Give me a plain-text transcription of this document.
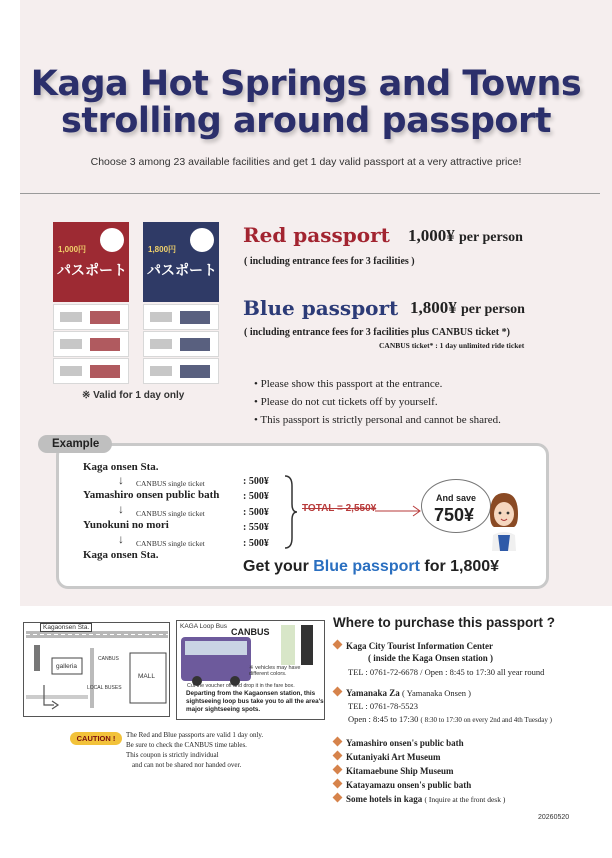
Kaga Hot Springs and Towns
strolling around passport
Choose 3 among 23 available facilities and get 1 day valid passport at a very attractive price!
1,000円
パスポート
1,800円
パスポート
※ Valid for 1 day only
Red passport 1,000¥ per person
( including entrance fees for 3 facilities )
Blue passport 1,800¥ per person
( including entrance fees for 3 facilities plus CANBUS ticket *)
CANBUS ticket* : 1 day unlimited ride ticket
• Please show this passport at the entrance.
• Please do not cut tickets off by yourself.
• This passport is strictly personal and cannot be shared.
Example
Kaga onsen Sta.
↓ CANBUS single ticket
Yamashiro onsen public bath
↓ CANBUS single ticket
Yunokuni no mori
↓ CANBUS single ticket
Kaga onsen Sta.
: 500¥
: 500¥
: 500¥
: 550¥
: 500¥
TOTAL = 2,550¥
And save
750¥
Get your Blue passport for 1,800¥
Kagaonsen Sta.
galleria
CANBUS
LOCAL BUSES
MALL
KAGA Loop Bus
CANBUS
※ vehicles may have different colors.
Cut the voucher off and drop it in the fare box.
Departing from the Kagaonsen station, this sightseeing loop bus take you to all the area's major sightseeing spots.
CAUTION !	The Red and Blue passports are valid 1 day only.
Be sure to check the CANBUS time tables.
This coupon is strictly individual
and can not be shared nor handed over.
Where to purchase this passport ?
Kaga City Tourist Information Center
( inside the Kaga Onsen station )
TEL : 0761-72-6678 / Open : 8:45 to 17:30 all year round
Yamanaka Za ( Yamanaka Onsen )
TEL : 0761-78-5523
Open : 8:45 to 17:30 ( 8:30 to 17:30 on every 2nd and 4th Tuesday )
Yamashiro onsen's public bath
Kutaniyaki Art Museum
Kitamaebune Ship Museum
Katayamazu onsen's public bath
Some hotels in kaga ( Inquire at the front desk )
20260520
